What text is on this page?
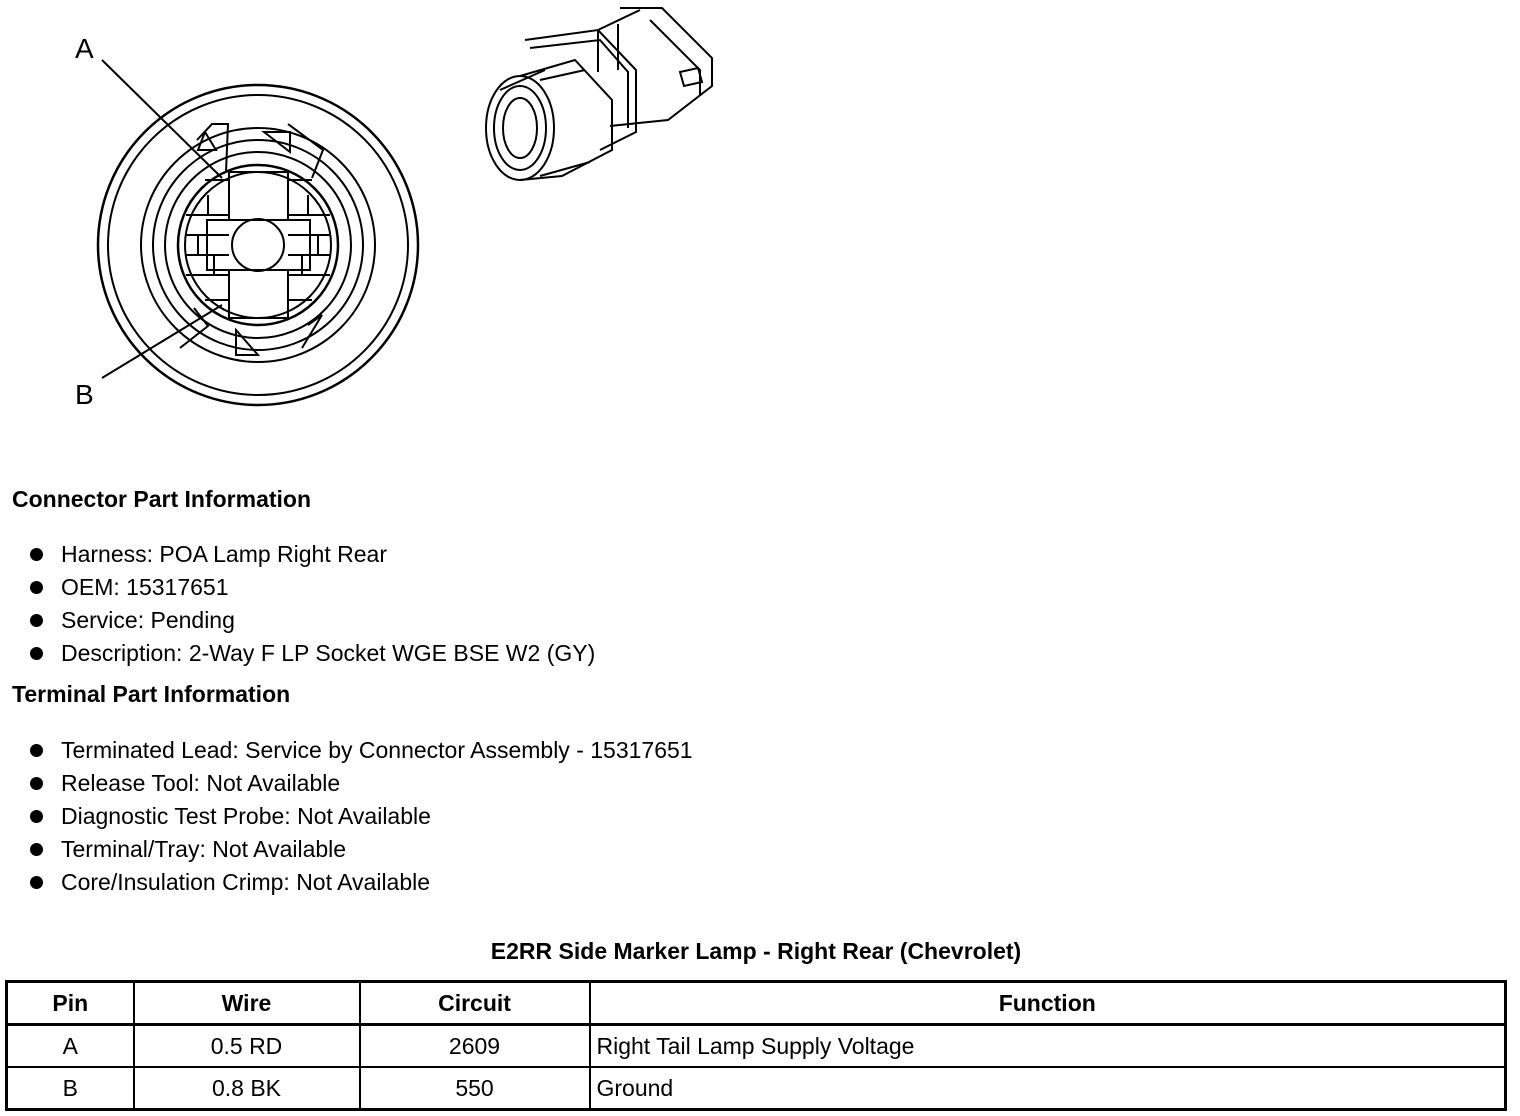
A
B
Connector Part Information
Harness: POA Lamp Right Rear
OEM: 15317651
Service: Pending
Description: 2-Way F LP Socket WGE BSE W2 (GY)
Terminal Part Information
Terminated Lead: Service by Connector Assembly - 15317651
Release Tool: Not Available
Diagnostic Test Probe: Not Available
Terminal/Tray: Not Available
Core/Insulation Crimp: Not Available
E2RR Side Marker Lamp - Right Rear (Chevrolet)
Pin	Wire	Circuit	Function
A	0.5 RD	2609	Right Tail Lamp Supply Voltage
B	0.8 BK	550	Ground
